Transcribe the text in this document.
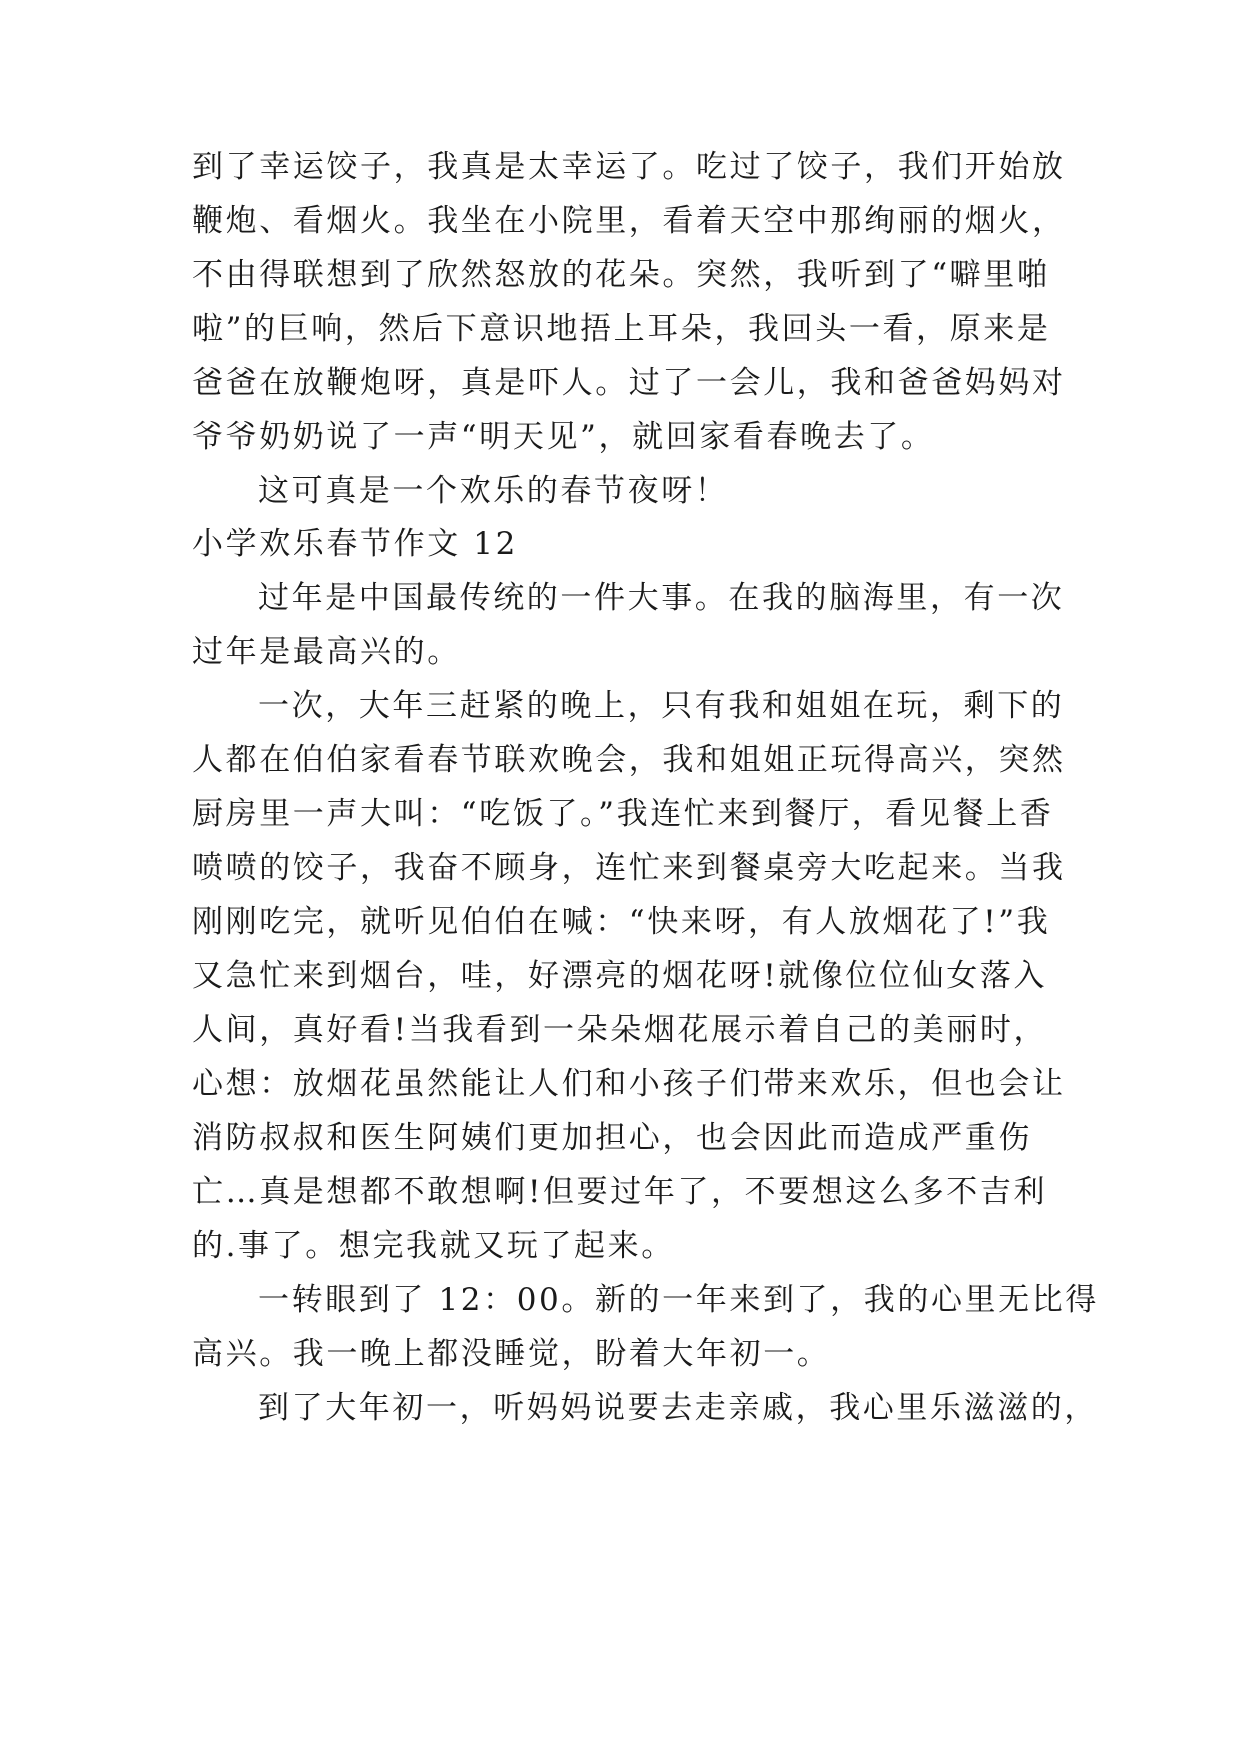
到了幸运饺子，我真是太幸运了。吃过了饺子，我们开始放
鞭炮、看烟火。我坐在小院里，看着天空中那绚丽的烟火，
不由得联想到了欣然怒放的花朵。突然，我听到了“噼里啪
啦”的巨响，然后下意识地捂上耳朵，我回头一看，原来是
爸爸在放鞭炮呀，真是吓人。过了一会儿，我和爸爸妈妈对
爷爷奶奶说了一声“明天见”，就回家看春晚去了。
这可真是一个欢乐的春节夜呀！
小学欢乐春节作文 12
过年是中国最传统的一件大事。在我的脑海里，有一次
过年是最高兴的。
一次，大年三赶紧的晚上，只有我和姐姐在玩，剩下的
人都在伯伯家看春节联欢晚会，我和姐姐正玩得高兴，突然
厨房里一声大叫：“吃饭了。”我连忙来到餐厅，看见餐上香
喷喷的饺子，我奋不顾身，连忙来到餐桌旁大吃起来。当我
刚刚吃完，就听见伯伯在喊：“快来呀，有人放烟花了!”我
又急忙来到烟台，哇，好漂亮的烟花呀!就像位位仙女落入
人间，真好看!当我看到一朵朵烟花展示着自己的美丽时，
心想：放烟花虽然能让人们和小孩子们带来欢乐，但也会让
消防叔叔和医生阿姨们更加担心，也会因此而造成严重伤
亡…真是想都不敢想啊!但要过年了，不要想这么多不吉利
的.事了。想完我就又玩了起来。
一转眼到了 12：00。新的一年来到了，我的心里无比得
高兴。我一晚上都没睡觉，盼着大年初一。
到了大年初一，听妈妈说要去走亲戚，我心里乐滋滋的，
